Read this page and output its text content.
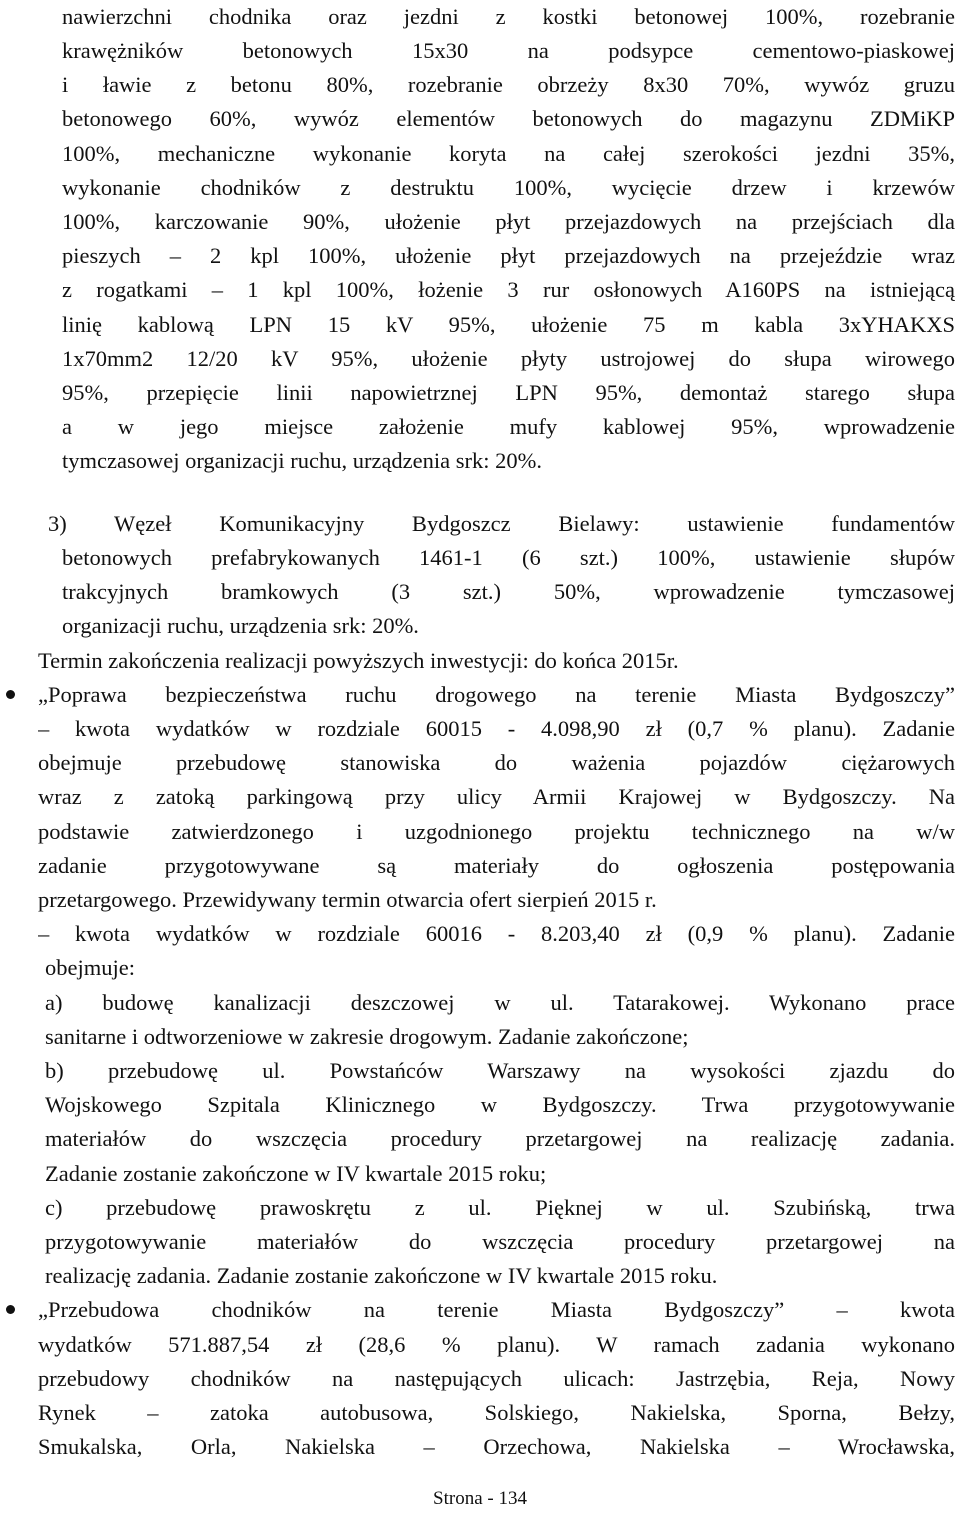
nawierzchni chodnika oraz jezdni z kostki betonowej 100%, rozebranie
krawężników betonowych 15x30 na podsypce cementowo-piaskowej
i ławie z betonu 80%, rozebranie obrzeży 8x30 70%, wywóz gruzu
betonowego 60%, wywóz elementów betonowych do magazynu ZDMiKP
100%, mechaniczne wykonanie koryta na całej szerokości jezdni 35%,
wykonanie chodników z destruktu 100%, wycięcie drzew i krzewów
100%, karczowanie 90%, ułożenie płyt przejazdowych na przejściach dla
pieszych – 2 kpl 100%, ułożenie płyt przejazdowych na przejeździe wraz
z rogatkami – 1 kpl 100%, łożenie 3 rur osłonowych A160PS na istniejącą
linię kablową LPN 15 kV 95%, ułożenie 75 m kabla 3xYHAKXS
1x70mm2 12/20 kV 95%, ułożenie płyty ustrojowej do słupa wirowego
95%, przepięcie linii napowietrznej LPN 95%, demontaż starego słupa
a w jego miejsce założenie mufy kablowej 95%, wprowadzenie
tymczasowej organizacji ruchu, urządzenia srk: 20%.
3) Węzeł Komunikacyjny Bydgoszcz Bielawy: ustawienie fundamentów
betonowych prefabrykowanych 1461-1 (6 szt.) 100%, ustawienie słupów
trakcyjnych bramkowych (3 szt.) 50%, wprowadzenie tymczasowej
organizacji ruchu, urządzenia srk: 20%.
Termin zakończenia realizacji powyższych inwestycji: do końca 2015r.
„Poprawa bezpieczeństwa ruchu drogowego na terenie Miasta Bydgoszczy”
– kwota wydatków w rozdziale 60015 - 4.098,90 zł (0,7 % planu). Zadanie
obejmuje przebudowę stanowiska do ważenia pojazdów ciężarowych
wraz z zatoką parkingową przy ulicy Armii Krajowej w Bydgoszczy. Na
podstawie zatwierdzonego i uzgodnionego projektu technicznego na w/w
zadanie przygotowywane są materiały do ogłoszenia postępowania
przetargowego. Przewidywany termin otwarcia ofert sierpień 2015 r.
– kwota wydatków w rozdziale 60016 - 8.203,40 zł (0,9 % planu). Zadanie
obejmuje:
a) budowę kanalizacji deszczowej w ul. Tatarakowej. Wykonano prace
sanitarne i odtworzeniowe w zakresie drogowym. Zadanie zakończone;
b) przebudowę ul. Powstańców Warszawy na wysokości zjazdu do
Wojskowego Szpitala Klinicznego w Bydgoszczy. Trwa przygotowywanie
materiałów do wszczęcia procedury przetargowej na realizację zadania.
Zadanie zostanie zakończone w IV kwartale 2015 roku;
c) przebudowę prawoskrętu z ul. Pięknej w ul. Szubińską, trwa
przygotowywanie materiałów do wszczęcia procedury przetargowej na
realizację zadania. Zadanie zostanie zakończone w IV kwartale 2015 roku.
„Przebudowa chodników na terenie Miasta Bydgoszczy” – kwota
wydatków 571.887,54 zł (28,6 % planu). W ramach zadania wykonano
przebudowy chodników na następujących ulicach: Jastrzębia, Reja, Nowy
Rynek – zatoka autobusowa, Solskiego, Nakielska, Sporna, Bełzy,
Smukalska, Orla, Nakielska – Orzechowa, Nakielska – Wrocławska,
Strona - 134
